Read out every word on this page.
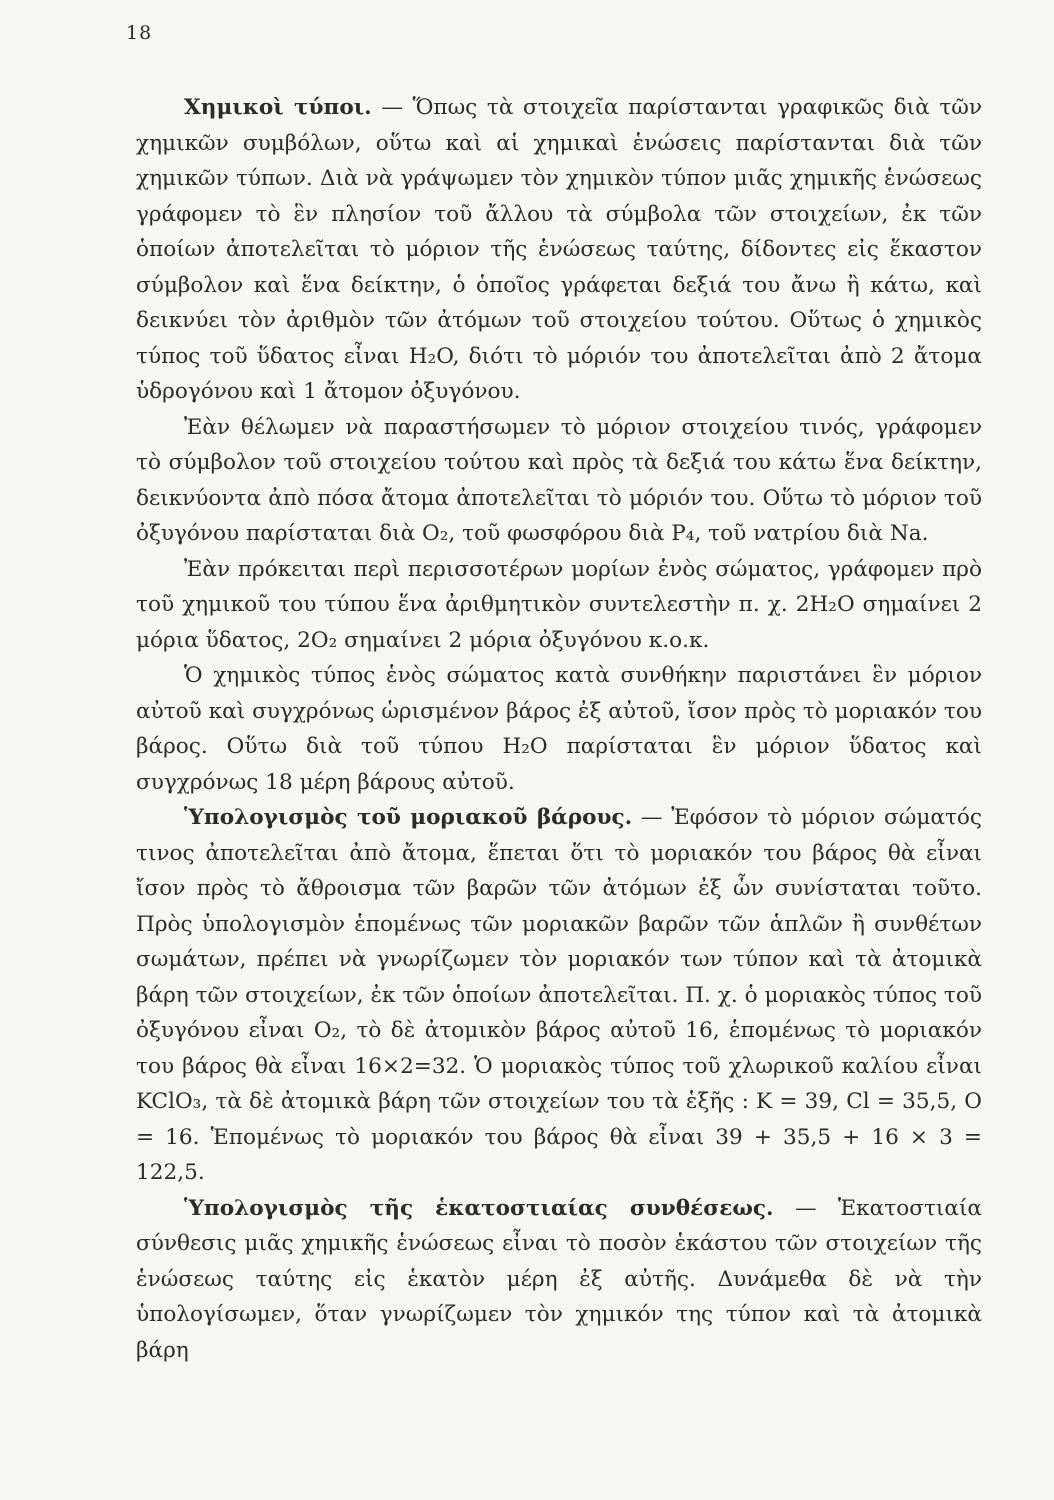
18

Χημικοὶ τύποι. — Ὅπως τὰ στοιχεῖα παρίστανται γραφικῶς διὰ τῶν χημικῶν συμβόλων, οὕτω καὶ αἱ χημικαὶ ἑνώσεις παρίστανται διὰ τῶν χημικῶν τύπων. Διὰ νὰ γράψωμεν τὸν χημικὸν τύπον μιᾶς χημικῆς ἑνώσεως γράφομεν τὸ ἓν πλησίον τοῦ ἄλλου τὰ σύμβολα τῶν στοιχείων, ἐκ τῶν ὁποίων ἀποτελεῖται τὸ μόριον τῆς ἑνώσεως ταύτης, δίδοντες εἰς ἕκαστον σύμβολον καὶ ἕνα δείκτην, ὁ ὁποῖος γράφεται δεξιά του ἄνω ἢ κάτω, καὶ δεικνύει τὸν ἀριθμὸν τῶν ἀτόμων τοῦ στοιχείου τούτου. Οὕτως ὁ χημικὸς τύπος τοῦ ὕδατος εἶναι H₂O, διότι τὸ μόριόν του ἀποτελεῖται ἀπὸ 2 ἄτομα ὑδρογόνου καὶ 1 ἄτομον ὀξυγόνου.

Ἐὰν θέλωμεν νὰ παραστήσωμεν τὸ μόριον στοιχείου τινός, γράφομεν τὸ σύμβολον τοῦ στοιχείου τούτου καὶ πρὸς τὰ δεξιά του κάτω ἕνα δείκτην, δεικνύοντα ἀπὸ πόσα ἄτομα ἀποτελεῖται τὸ μόριόν του. Οὕτω τὸ μόριον τοῦ ὀξυγόνου παρίσταται διὰ O₂, τοῦ φωσφόρου διὰ P₄, τοῦ νατρίου διὰ Na.

Ἐὰν πρόκειται περὶ περισσοτέρων μορίων ἑνὸς σώματος, γράφομεν πρὸ τοῦ χημικοῦ του τύπου ἕνα ἀριθμητικὸν συντελεστὴν π. χ. 2H₂O σημαίνει 2 μόρια ὕδατος, 2O₂ σημαίνει 2 μόρια ὀξυγόνου κ.ο.κ.

Ὁ χημικὸς τύπος ἑνὸς σώματος κατὰ συνθήκην παριστάνει ἓν μόριον αὐτοῦ καὶ συγχρόνως ὡρισμένον βάρος ἐξ αὐτοῦ, ἴσον πρὸς τὸ μοριακόν του βάρος. Οὕτω διὰ τοῦ τύπου H₂O παρίσταται ἓν μόριον ὕδατος καὶ συγχρόνως 18 μέρη βάρους αὐτοῦ.

Ὑπολογισμὸς τοῦ μοριακοῦ βάρους. — Ἐφόσον τὸ μόριον σώματός τινος ἀποτελεῖται ἀπὸ ἄτομα, ἕπεται ὅτι τὸ μοριακόν του βάρος θὰ εἶναι ἴσον πρὸς τὸ ἄθροισμα τῶν βαρῶν τῶν ἀτόμων ἐξ ὧν συνίσταται τοῦτο. Πρὸς ὑπολογισμὸν ἑπομένως τῶν μοριακῶν βαρῶν τῶν ἁπλῶν ἢ συνθέτων σωμάτων, πρέπει νὰ γνωρίζωμεν τὸν μοριακόν των τύπον καὶ τὰ ἀτομικὰ βάρη τῶν στοιχείων, ἐκ τῶν ὁποίων ἀποτελεῖται. Π. χ. ὁ μοριακὸς τύπος τοῦ ὀξυγόνου εἶναι O₂, τὸ δὲ ἀτομικὸν βάρος αὐτοῦ 16, ἑπομένως τὸ μοριακόν του βάρος θὰ εἶναι 16×2=32. Ὁ μοριακὸς τύπος τοῦ χλωρικοῦ καλίου εἶναι KClO₃, τὰ δὲ ἀτομικὰ βάρη τῶν στοιχείων του τὰ ἑξῆς : K = 39, Cl = 35,5, O = 16. Ἑπομένως τὸ μοριακόν του βάρος θὰ εἶναι 39 + 35,5 + 16 × 3 = 122,5.

Ὑπολογισμὸς τῆς ἑκατοστιαίας συνθέσεως. — Ἑκατοστιαία σύνθεσις μιᾶς χημικῆς ἑνώσεως εἶναι τὸ ποσὸν ἑκάστου τῶν στοιχείων τῆς ἑνώσεως ταύτης εἰς ἑκατὸν μέρη ἐξ αὐτῆς. Δυνάμεθα δὲ νὰ τὴν ὑπολογίσωμεν, ὅταν γνωρίζωμεν τὸν χημικόν της τύπον καὶ τὰ ἀτομικὰ βάρη
